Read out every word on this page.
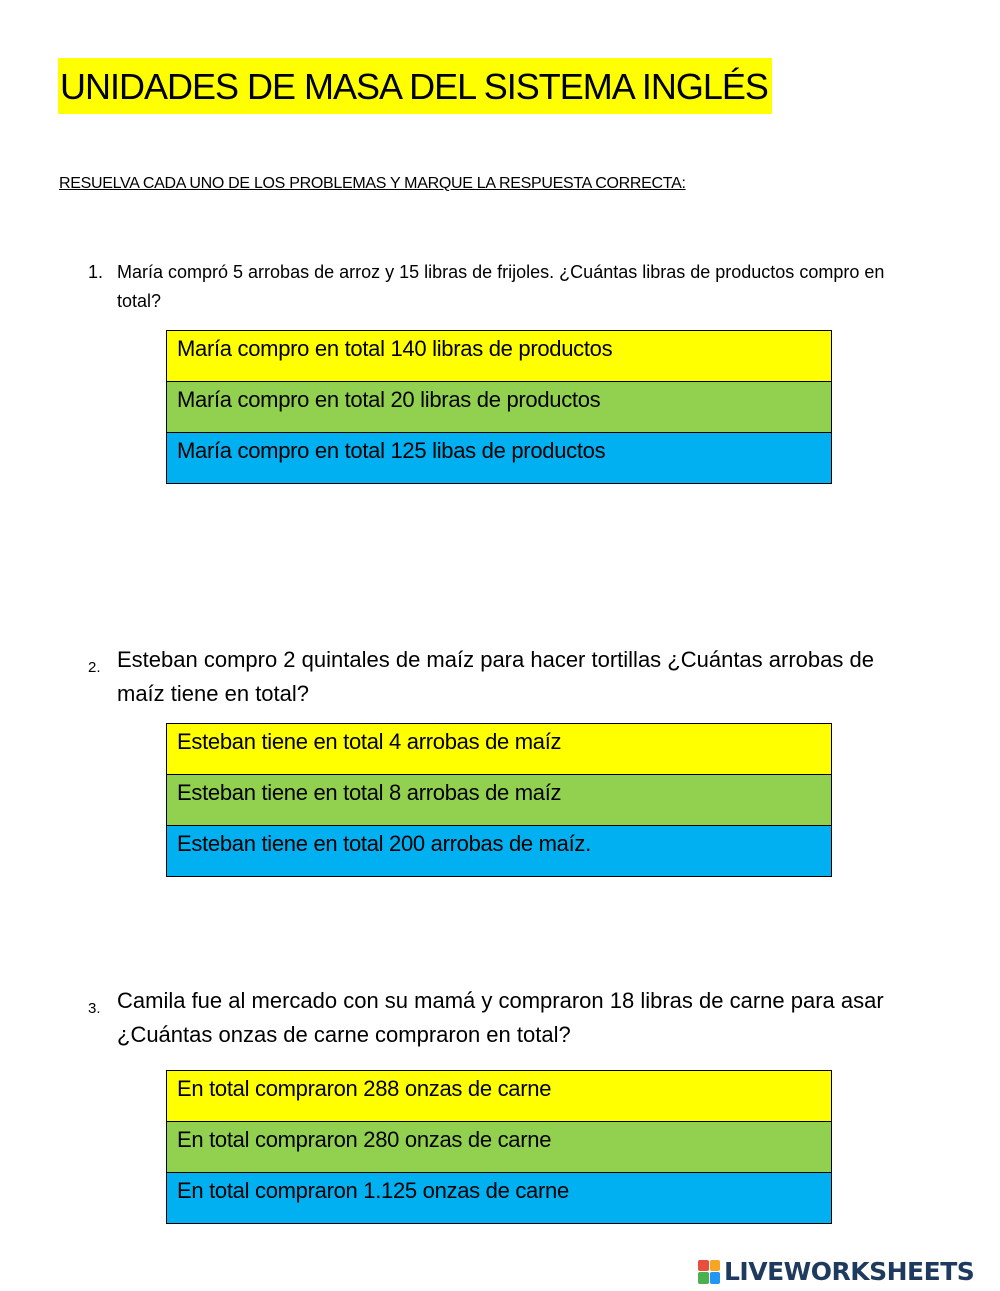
UNIDADES DE MASA DEL SISTEMA INGLÉS
RESUELVA CADA UNO DE LOS PROBLEMAS Y MARQUE LA RESPUESTA CORRECTA:
1. María compró 5 arrobas de arroz y 15 libras de frijoles. ¿Cuántas libras de productos compro en total?
María compro en total 140 libras de productos
María compro en total 20 libras de productos
María compro en total 125 libas de productos
2. Esteban compro 2 quintales de maíz para hacer tortillas ¿Cuántas arrobas de maíz tiene en total?
Esteban tiene en total 4 arrobas de maíz
Esteban tiene en total 8 arrobas de maíz
Esteban tiene en total 200 arrobas de maíz.
3. Camila fue al mercado con su mamá y compraron 18 libras de carne para asar ¿Cuántas onzas de carne compraron en total?
En total compraron 288 onzas de carne
En total compraron 280 onzas de carne
En total compraron 1.125 onzas de carne
LIVEWORKSHEETS
